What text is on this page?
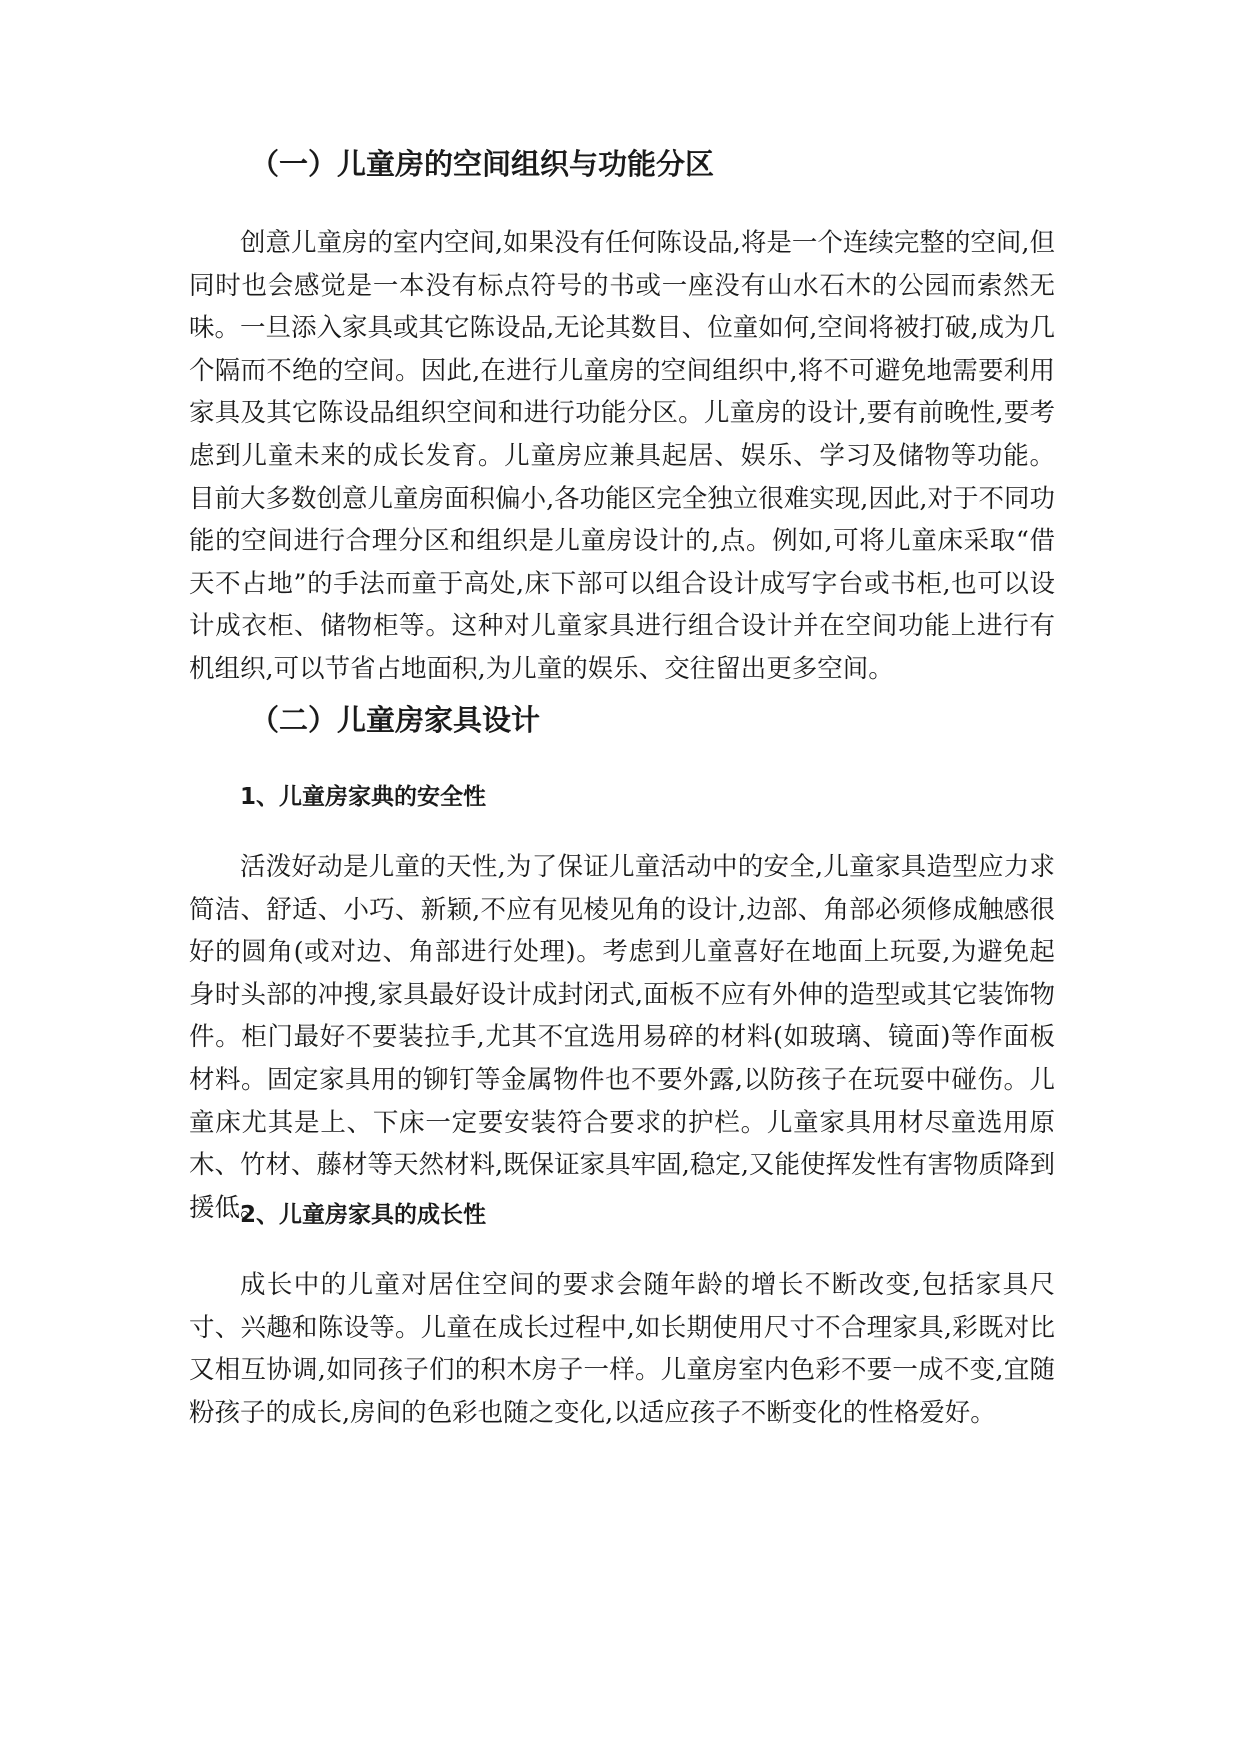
（一）儿童房的空间组织与功能分区

创意儿童房的室内空间,如果没有任何陈设品,将是一个连续完整的空间,但同时也会感觉是一本没有标点符号的书或一座没有山水石木的公园而索然无味。一旦添入家具或其它陈设品,无论其数目、位童如何,空间将被打破,成为几个隔而不绝的空间。因此,在进行儿童房的空间组织中,将不可避免地需要利用家具及其它陈设品组织空间和进行功能分区。儿童房的设计,要有前晚性,要考虑到儿童未来的成长发育。儿童房应兼具起居、娱乐、学习及储物等功能。目前大多数创意儿童房面积偏小,各功能区完全独立很难实现,因此,对于不同功能的空间进行合理分区和组织是儿童房设计的,点。例如,可将儿童床采取“借天不占地”的手法而童于高处,床下部可以组合设计成写字台或书柜,也可以设计成衣柜、储物柜等。这种对儿童家具进行组合设计并在空间功能上进行有机组织,可以节省占地面积,为儿童的娱乐、交往留出更多空间。

（二）儿童房家具设计
1、儿童房家典的安全性

活泼好动是儿童的天性,为了保证儿童活动中的安全,儿童家具造型应力求简洁、舒适、小巧、新颖,不应有见棱见角的设计,边部、角部必须修成触感很好的圆角(或对边、角部进行处理)。考虑到儿童喜好在地面上玩耍,为避免起身时头部的冲搜,家具最好设计成封闭式,面板不应有外伸的造型或其它装饰物件。柜门最好不要装拉手,尤其不宜选用易碎的材料(如玻璃、镜面)等作面板材料。固定家具用的铆钉等金属物件也不要外露,以防孩子在玩耍中碰伤。儿童床尤其是上、下床一定要安装符合要求的护栏。儿童家具用材尽童选用原木、竹材、藤材等天然材料,既保证家具牢固,稳定,又能使挥发性有害物质降到援低。

2、儿童房家具的成长性

成长中的儿童对居住空间的要求会随年龄的增长不断改变,包括家具尺寸、兴趣和陈设等。儿童在成长过程中,如长期使用尺寸不合理家具,彩既对比又相互协调,如同孩子们的积木房子一样。儿童房室内色彩不要一成不变,宜随粉孩子的成长,房间的色彩也随之变化,以适应孩子不断变化的性格爱好。
